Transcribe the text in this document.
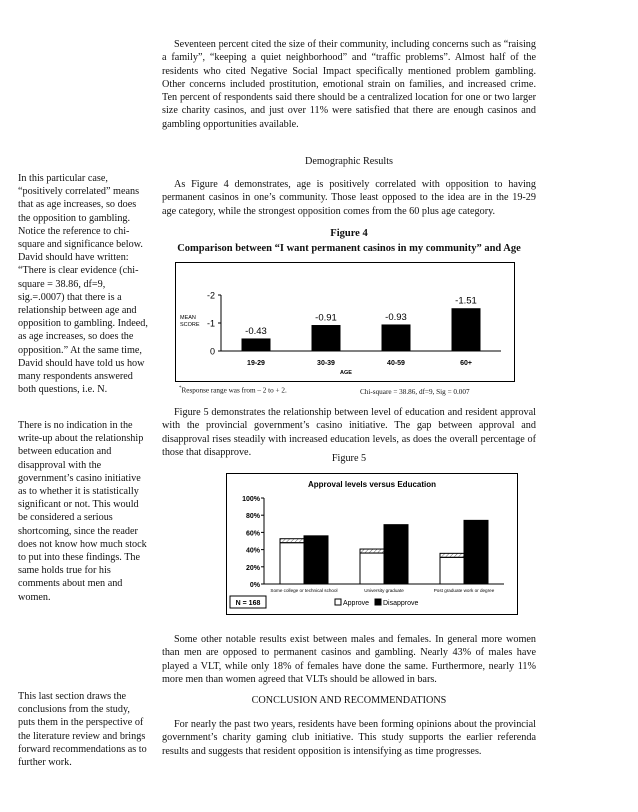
Seventeen percent cited the size of their community, including concerns such as “raising a family”, “keeping a quiet neighborhood” and “traffic problems”. Almost half of the residents who cited Negative Social Impact specifically mentioned problem gambling. Other concerns included prostitution, emotional strain on families, and increased crime. Ten percent of respondents said there should be a centralized location for one or two larger size charity casinos, and just over 11% were satisfied that there are enough casinos and gambling opportunities available.
Demographic Results
As Figure 4 demonstrates, age is positively correlated with opposition to having permanent casinos in one’s community. Those least opposed to the idea are in the 19-29 age category, while the strongest opposition comes from the 60 plus age category.
Figure 4
Comparison between “I want permanent casinos in my community” and Age
-2
-1
0
MEAN
SCORE
-0.43
19-29
-0.91
30-39
-0.93
40-59
-1.51
60+
AGE
*Response range was from – 2 to + 2.	Chi-square = 38.86, df=9, Sig = 0.007
Figure 5 demonstrates the relationship between level of education and resident approval with the provincial government’s casino initiative. The gap between approval and disapproval rises steadily with increased education levels, as does the overall percentage of those that disapprove.
Figure 5
Approval levels versus Education
0%
20%
40%
60%
80%
100%
Some college or technical school	University graduate	Post graduate work or degree
N = 168	Approve Disapprove
Some other notable results exist between males and females. In general more women than men are opposed to permanent casinos and gambling. Nearly 43% of males have played a VLT, while only 18% of females have done the same. Furthermore, nearly 11% more men than women agreed that VLTs should be allowed in bars.
CONCLUSION AND RECOMMENDATIONS
For nearly the past two years, residents have been forming opinions about the provincial government’s charity gaming club initiative. This study supports the earlier referenda results and suggests that resident opposition is intensifying as time progresses.
In this particular case, “positively correlated” means that as age increases, so does the opposition to gambling. Notice the reference to chi-square and significance below. David should have written: “There is clear evidence (chi-square = 38.86, df=9, sig.=.0007) that there is a relationship between age and opposition to gambling. Indeed, as age increases, so does the opposition.” At the same time, David should have told us how many respondents answered both questions, i.e. N.
There is no indication in the write-up about the relationship between education and disapproval with the government’s casino initiative as to whether it is statistically significant or not. This would be considered a serious shortcoming, since the reader does not know how much stock to put into these findings. The same holds true for his comments about men and women.
This last section draws the conclusions from the study, puts them in the perspective of the literature review and brings forward recommendations as to further work.
